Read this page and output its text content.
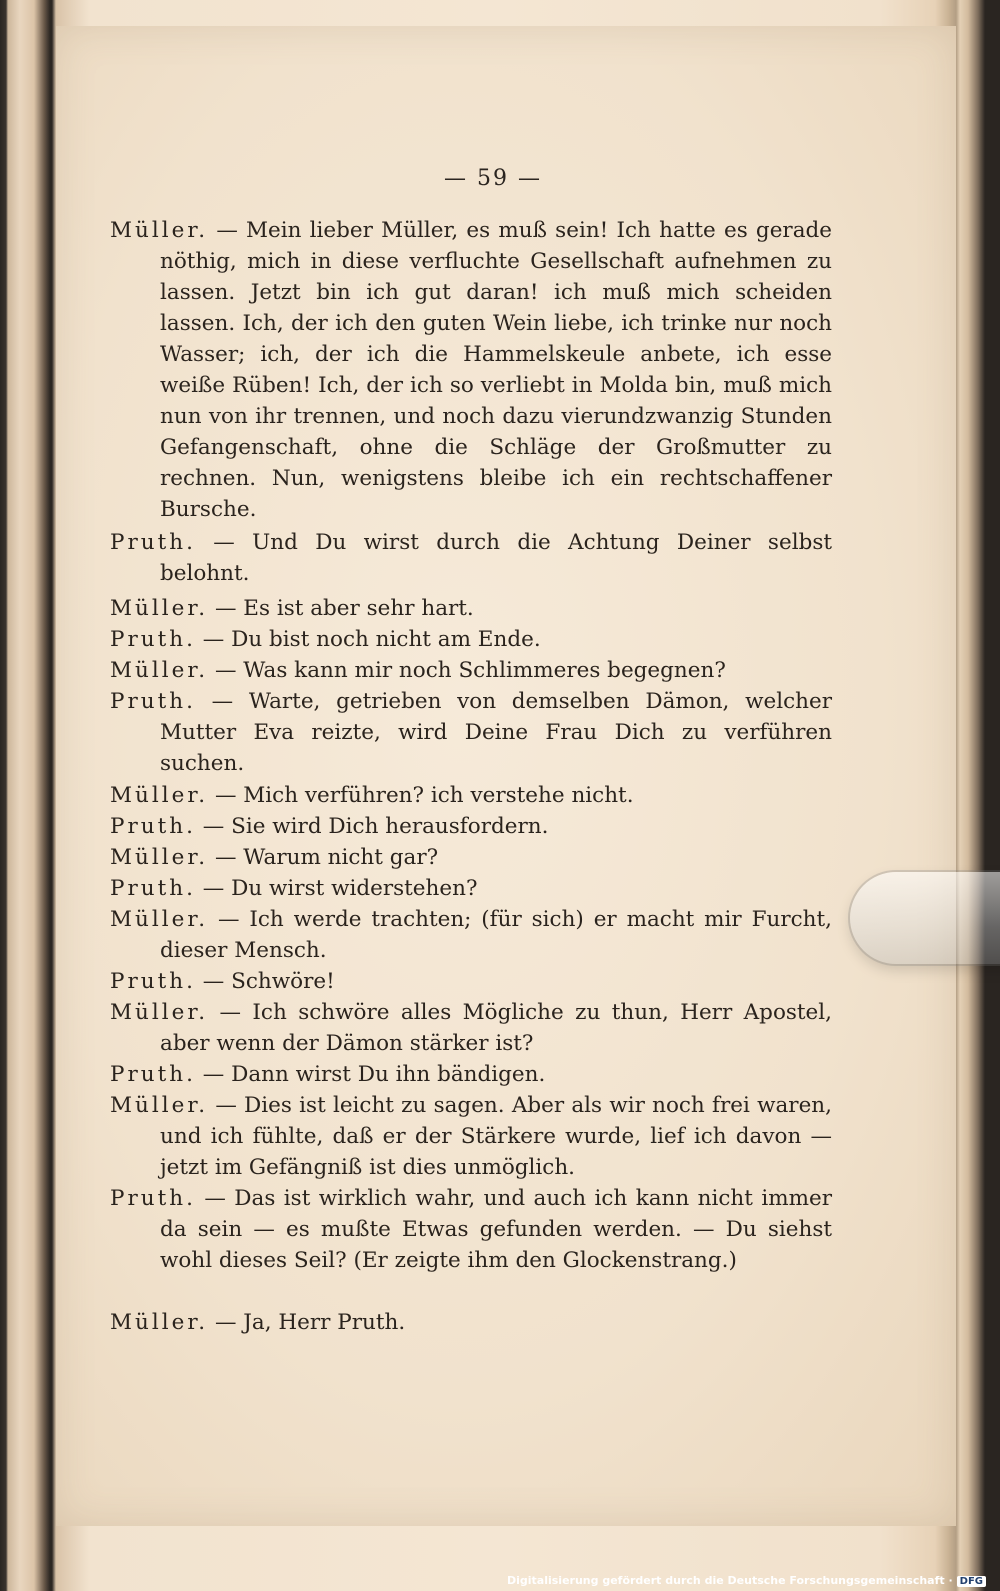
— 59 —
Müller. — Mein lieber Müller, es muß sein! Ich hatte es gerade nöthig, mich in diese verfluchte Gesellschaft aufnehmen zu lassen. Jetzt bin ich gut daran! ich muß mich scheiden lassen. Ich, der ich den guten Wein liebe, ich trinke nur noch Wasser; ich, der ich die Hammelskeule anbete, ich esse weiße Rüben! Ich, der ich so verliebt in Molda bin, muß mich nun von ihr trennen, und noch dazu vierundzwanzig Stunden Gefangenschaft, ohne die Schläge der Großmutter zu rechnen. Nun, wenigstens bleibe ich ein rechtschaffener Bursche.
Pruth. — Und Du wirst durch die Achtung Deiner selbst belohnt.
Müller. — Es ist aber sehr hart.
Pruth. — Du bist noch nicht am Ende.
Müller. — Was kann mir noch Schlimmeres begegnen?
Pruth. — Warte, getrieben von demselben Dämon, welcher Mutter Eva reizte, wird Deine Frau Dich zu verführen suchen.
Müller. — Mich verführen? ich verstehe nicht.
Pruth. — Sie wird Dich herausfordern.
Müller. — Warum nicht gar?
Pruth. — Du wirst widerstehen?
Müller. — Ich werde trachten; (für sich) er macht mir Furcht, dieser Mensch.
Pruth. — Schwöre!
Müller. — Ich schwöre alles Mögliche zu thun, Herr Apostel, aber wenn der Dämon stärker ist?
Pruth. — Dann wirst Du ihn bändigen.
Müller. — Dies ist leicht zu sagen. Aber als wir noch frei waren, und ich fühlte, daß er der Stärkere wurde, lief ich davon — jetzt im Gefängniß ist dies unmöglich.
Pruth. — Das ist wirklich wahr, und auch ich kann nicht immer da sein — es mußte Etwas gefunden werden. — Du siehst wohl dieses Seil? (Er zeigte ihm den Glockenstrang.)
Müller. — Ja, Herr Pruth.
Digitalisierung gefördert durch die Deutsche Forschungsgemeinschaft · DFG
